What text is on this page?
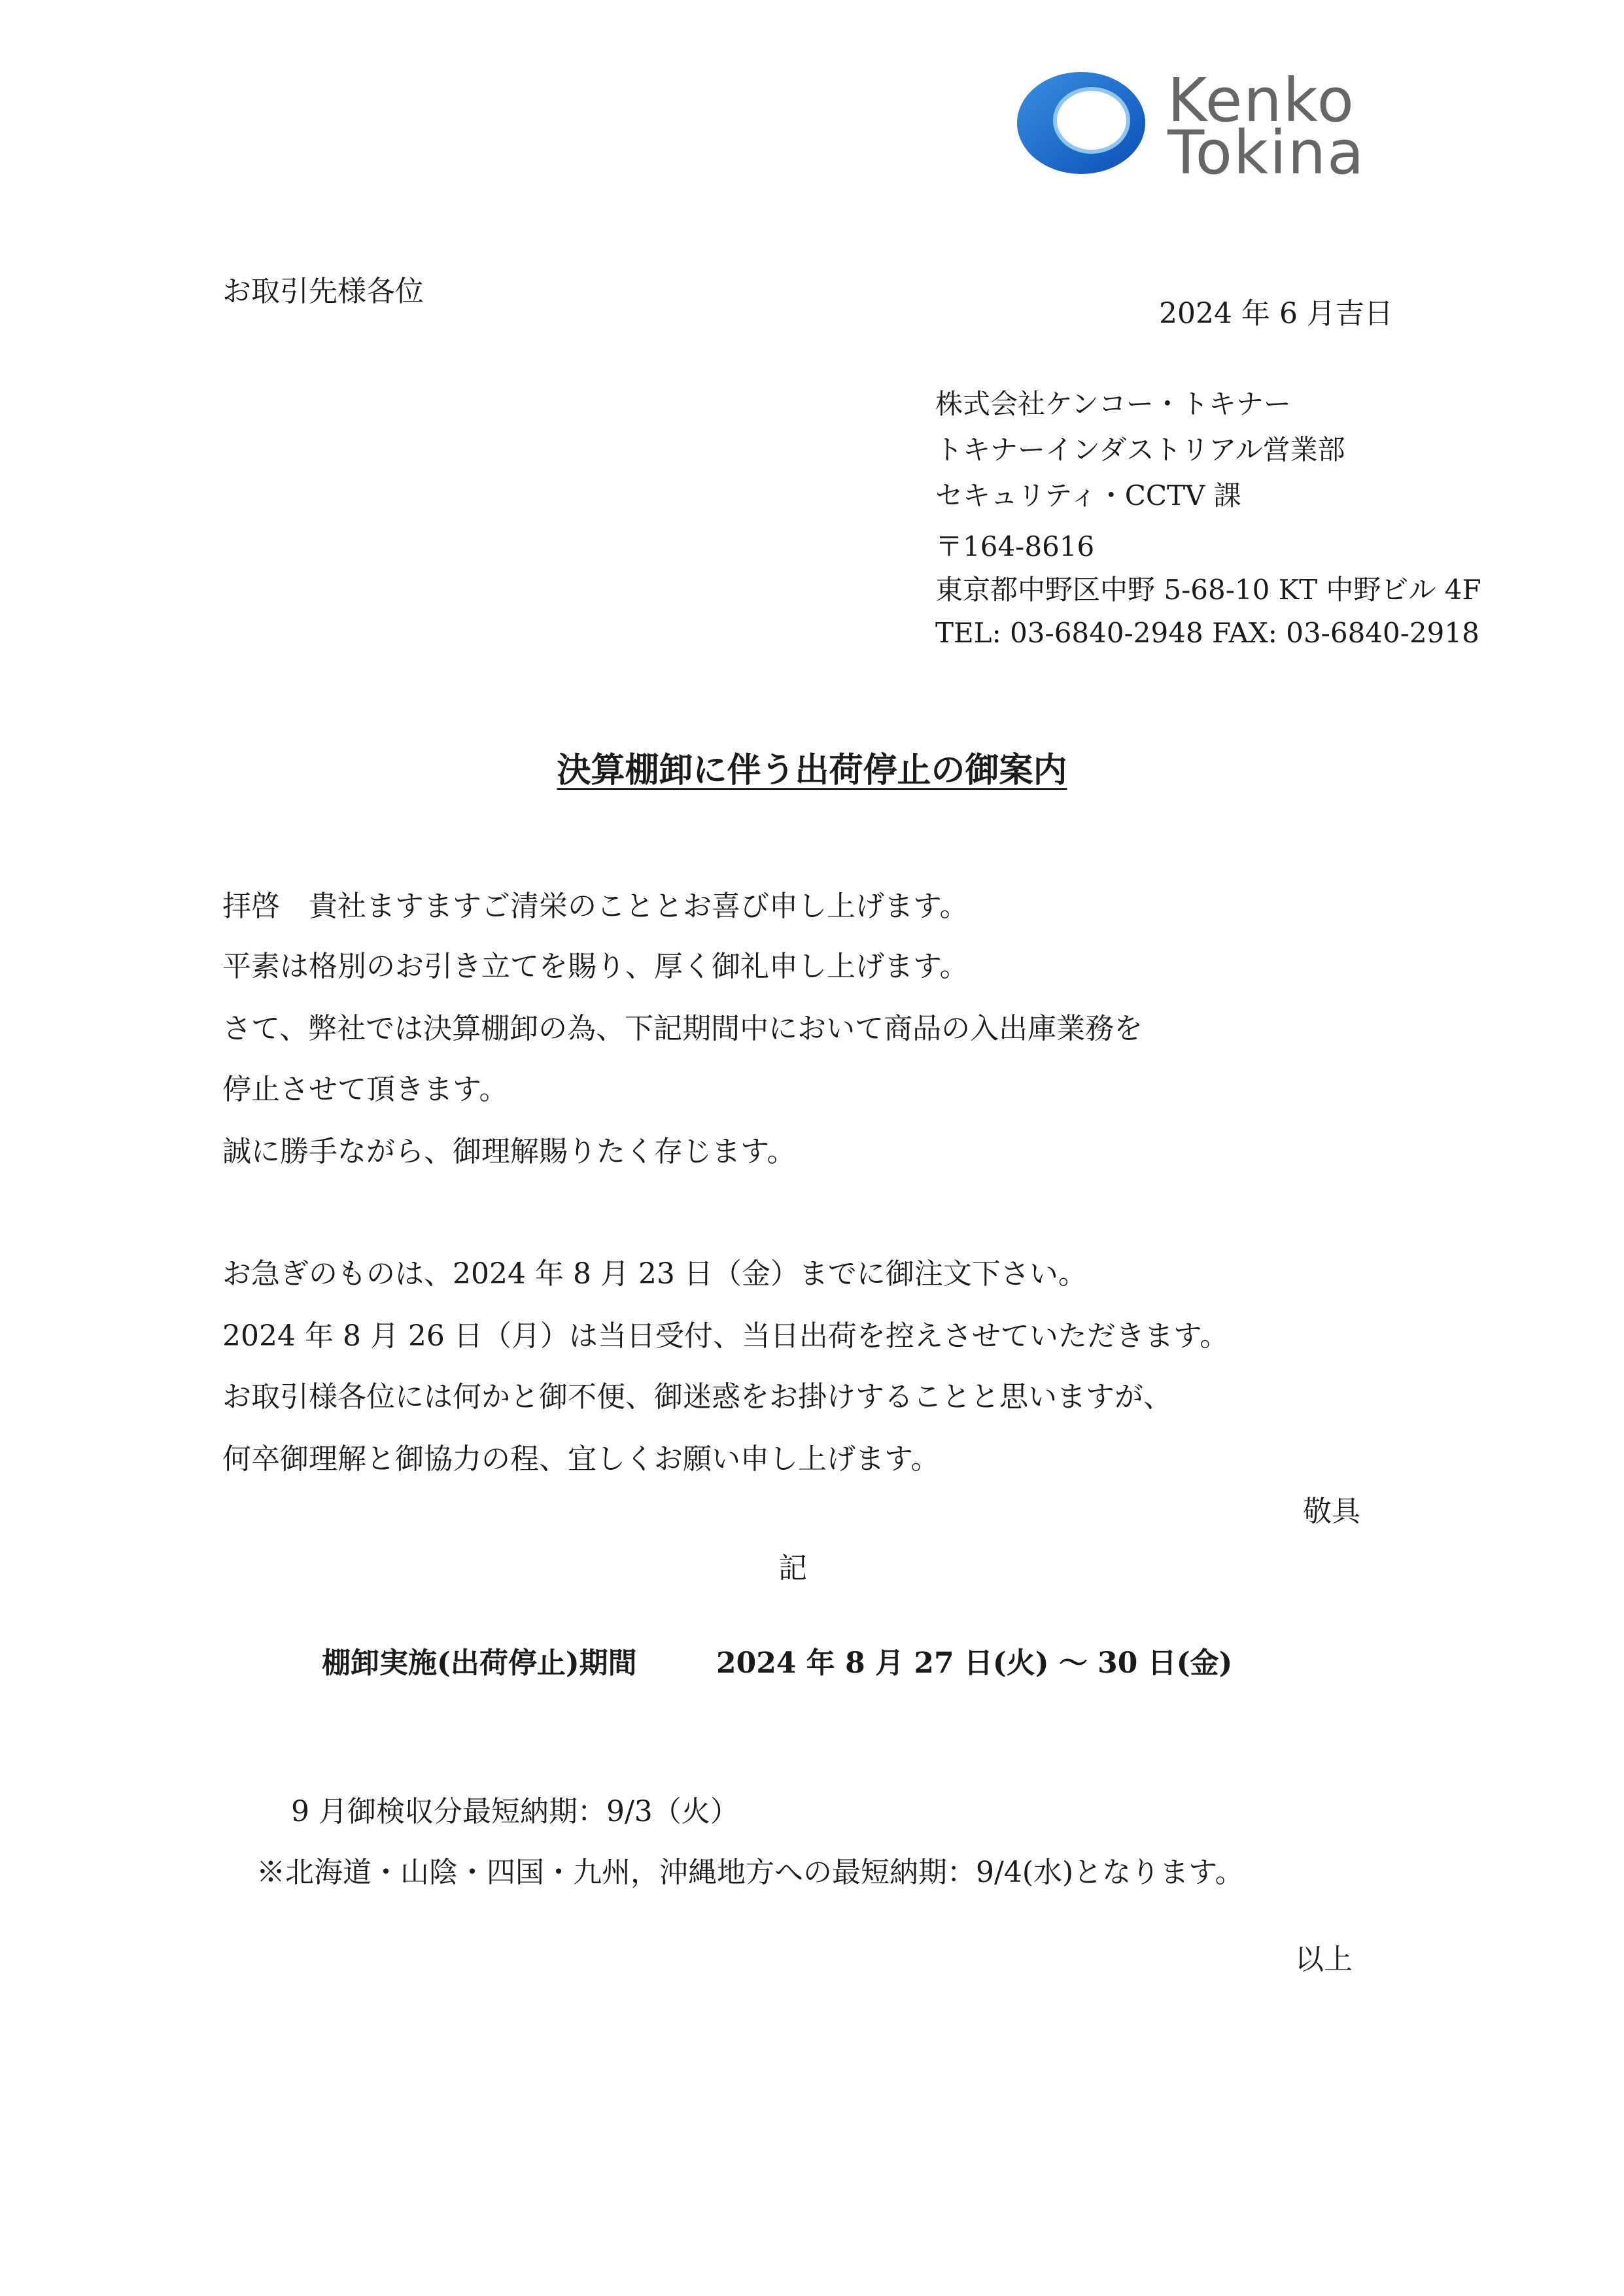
Kenko
Tokina
お取引先様各位
2024 年 6 月吉日
株式会社ケンコー・トキナー
トキナーインダストリアル営業部
セキュリティ・CCTV 課
〒164-8616
東京都中野区中野 5-68-10 KT 中野ビル 4F
TEL: 03-6840-2948 FAX: 03-6840-2918
決算棚卸に伴う出荷停止の御案内
拝啓　貴社ますますご清栄のこととお喜び申し上げます。
平素は格別のお引き立てを賜り、厚く御礼申し上げます。
さて、弊社では決算棚卸の為、下記期間中において商品の入出庫業務を
停止させて頂きます。
誠に勝手ながら、御理解賜りたく存じます。
お急ぎのものは、2024 年 8 月 23 日（金）までに御注文下さい。
2024 年 8 月 26 日（月）は当日受付、当日出荷を控えさせていただきます。
お取引様各位には何かと御不便、御迷惑をお掛けすることと思いますが、
何卒御理解と御協力の程、宜しくお願い申し上げます。
敬具
記
棚卸実施(出荷停止)期間	2024 年 8 月 27 日(火) ～ 30 日(金)
9 月御検収分最短納期：9/3（火）
※北海道・山陰・四国・九州，沖縄地方への最短納期：9/4(水)となります。
以上
